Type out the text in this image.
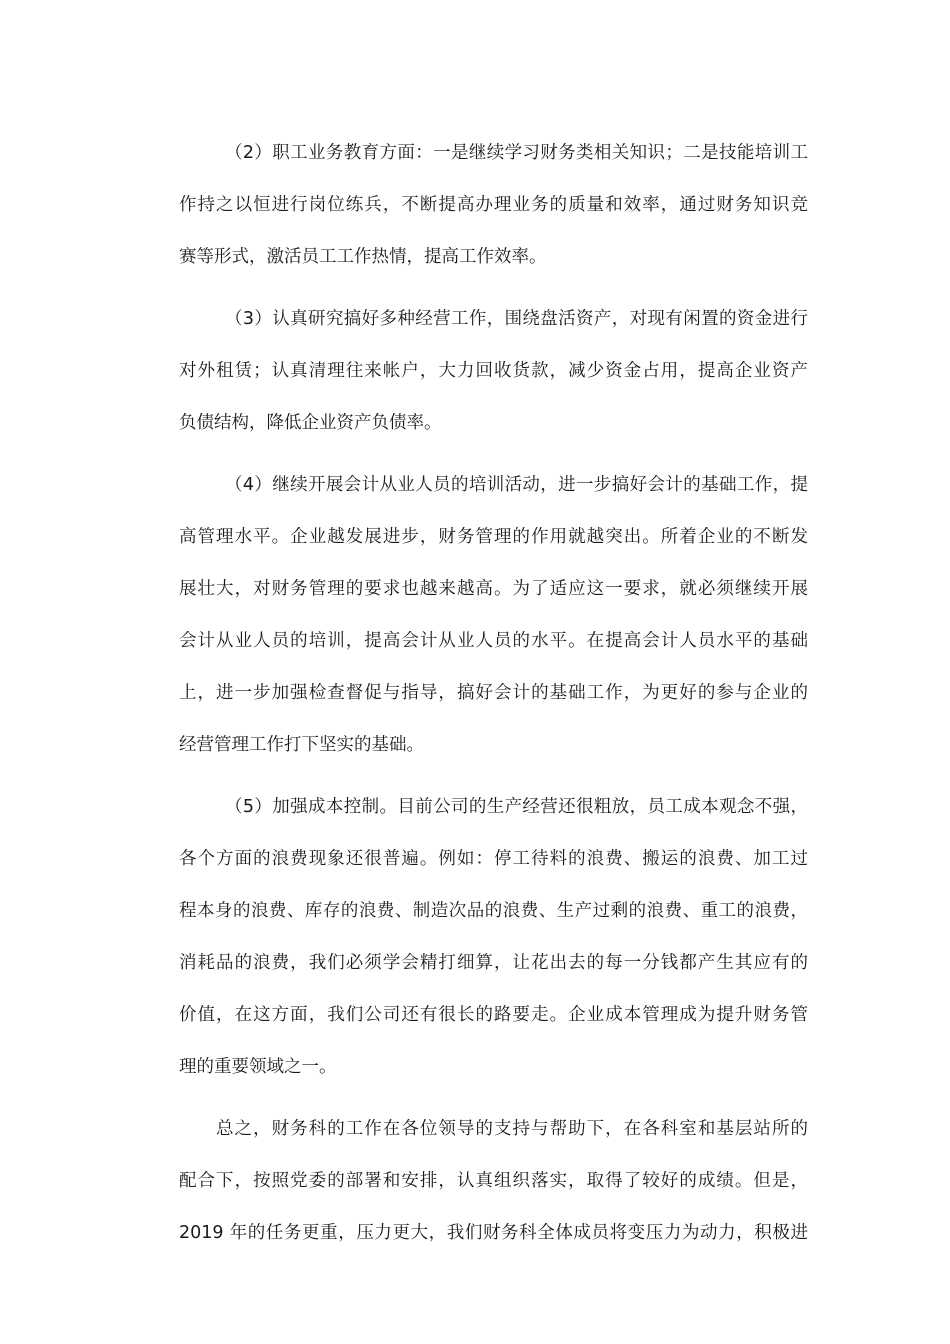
（2）职工业务教育方面：一是继续学习财务类相关知识；二是技能培训工
作持之以恒进行岗位练兵，不断提高办理业务的质量和效率，通过财务知识竞
赛等形式，激活员工工作热情，提高工作效率。
（3）认真研究搞好多种经营工作，围绕盘活资产，对现有闲置的资金进行
对外租赁；认真清理往来帐户，大力回收货款，减少资金占用，提高企业资产
负债结构，降低企业资产负债率。
（4）继续开展会计从业人员的培训活动，进一步搞好会计的基础工作，提
高管理水平。企业越发展进步，财务管理的作用就越突出。所着企业的不断发
展壮大，对财务管理的要求也越来越高。为了适应这一要求，就必须继续开展
会计从业人员的培训，提高会计从业人员的水平。在提高会计人员水平的基础
上，进一步加强检查督促与指导，搞好会计的基础工作，为更好的参与企业的
经营管理工作打下坚实的基础。
（5）加强成本控制。目前公司的生产经营还很粗放，员工成本观念不强，
各个方面的浪费现象还很普遍。例如：停工待料的浪费、搬运的浪费、加工过
程本身的浪费、库存的浪费、制造次品的浪费、生产过剩的浪费、重工的浪费，
消耗品的浪费，我们必须学会精打细算，让花出去的每一分钱都产生其应有的
价值，在这方面，我们公司还有很长的路要走。企业成本管理成为提升财务管
理的重要领域之一。
总之，财务科的工作在各位领导的支持与帮助下，在各科室和基层站所的
配合下，按照党委的部署和安排，认真组织落实，取得了较好的成绩。但是，
2019 年的任务更重，压力更大，我们财务科全体成员将变压力为动力，积极进
